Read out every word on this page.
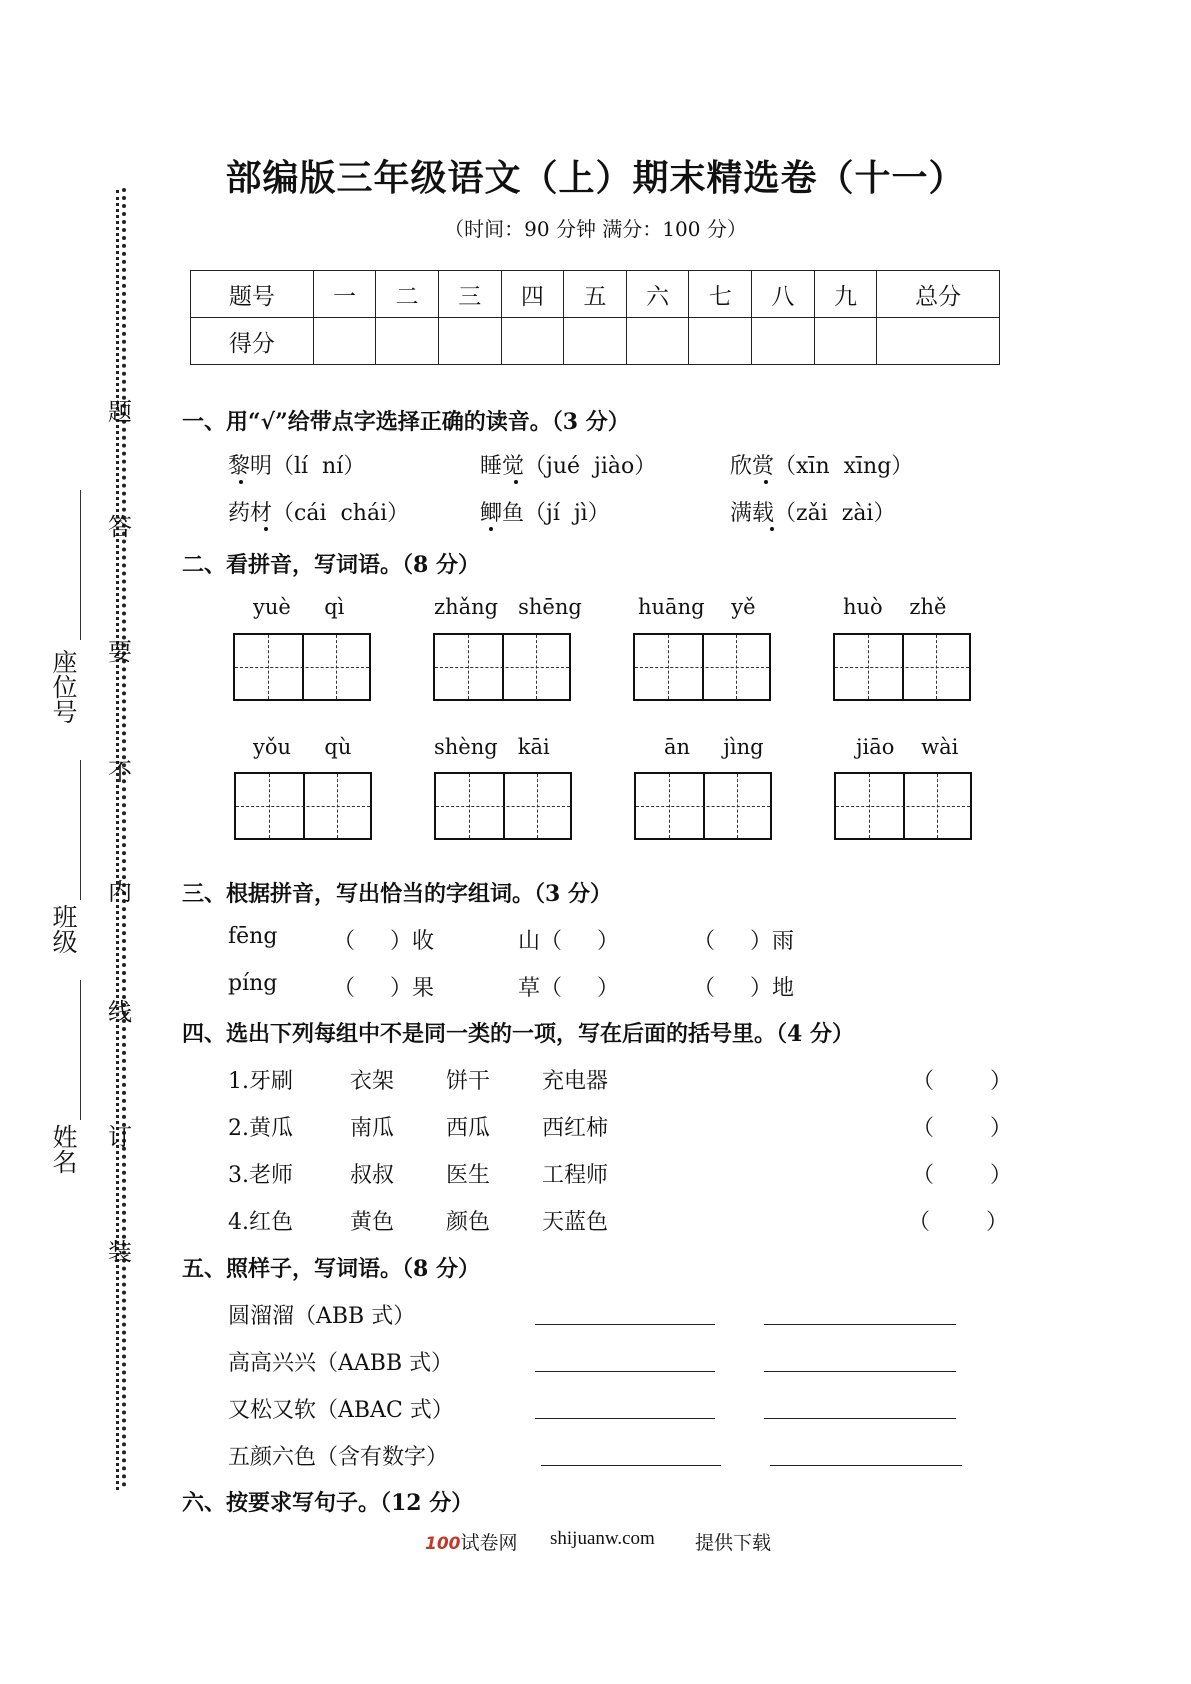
题
答
要
不
内
线
订
装
座位号
班级
姓名
部编版三年级语文（上）期末精选卷（十一）
（时间：90 分钟 满分：100 分）
题号	一	二	三	四	五	六	七	八	九	总分
得分										
一、用“√”给带点字选择正确的读音。（3 分）
黎明（lí  ní）	睡觉（jué  jiào）	欣赏（xīn  xīng）
药材（cái  chái）	鲫鱼（jí  jì）	满载（zǎi  zài）
二、看拼音，写词语。（8 分）
yuè     qì	zhǎng   shēng	huāng    yě	huò    zhě
yǒu     qù	shèng   kāi	ān     jìng	jiāo    wài
三、根据拼音，写出恰当的字组词。（3 分）
fēng	（     ）收	山（     ）	（     ）雨
píng	（     ）果	草（     ）	（     ）地
四、选出下列每组中不是同一类的一项，写在后面的括号里。（4 分）
1.牙刷	衣架 饼干 充电器	（        ）
2.黄瓜	南瓜 西瓜 西红柿	（        ）
3.老师	叔叔 医生 工程师	（        ）
4.红色	黄色 颜色 天蓝色	（        ）
五、照样子，写词语。（8 分）
圆溜溜（ABB 式）
高高兴兴（AABB 式）
又松又软（ABAC 式）
五颜六色（含有数字）
六、按要求写句子。（12 分）
100试卷网 shijuanw.com 提供下载
